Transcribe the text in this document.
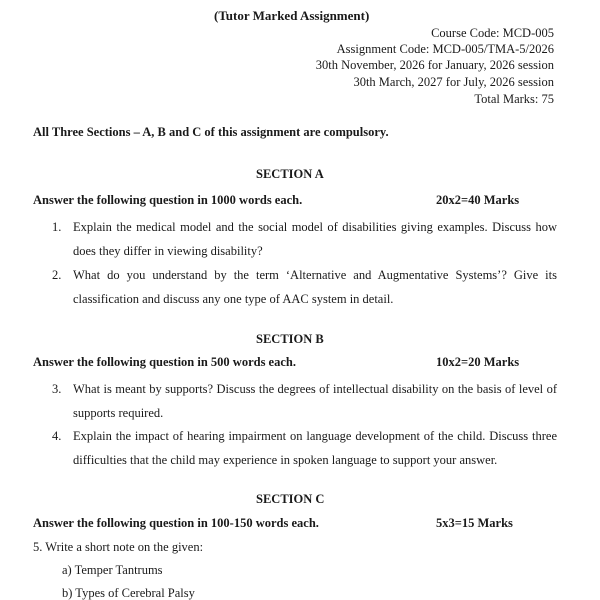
(Tutor Marked Assignment)
Course Code: MCD-005
Assignment Code: MCD-005/TMA-5/2026
30th November, 2026 for January, 2026 session
30th March, 2027 for July, 2026 session
Total Marks: 75
All Three Sections – A, B and C of this assignment are compulsory.
SECTION A
Answer the following question in 1000 words each.	20x2=40 Marks
1. Explain the medical model and the social model of disabilities giving examples. Discuss how does they differ in viewing disability?
2. What do you understand by the term ‘Alternative and Augmentative Systems’? Give its classification and discuss any one type of AAC system in detail.
SECTION B
Answer the following question in 500 words each.	10x2=20 Marks
3. What is meant by supports? Discuss the degrees of intellectual disability on the basis of level of supports required.
4. Explain the impact of hearing impairment on language development of the child. Discuss three difficulties that the child may experience in spoken language to support your answer.
SECTION C
Answer the following question in 100-150 words each.	5x3=15 Marks
5. Write a short note on the given:
a) Temper Tantrums
b) Types of Cerebral Palsy
